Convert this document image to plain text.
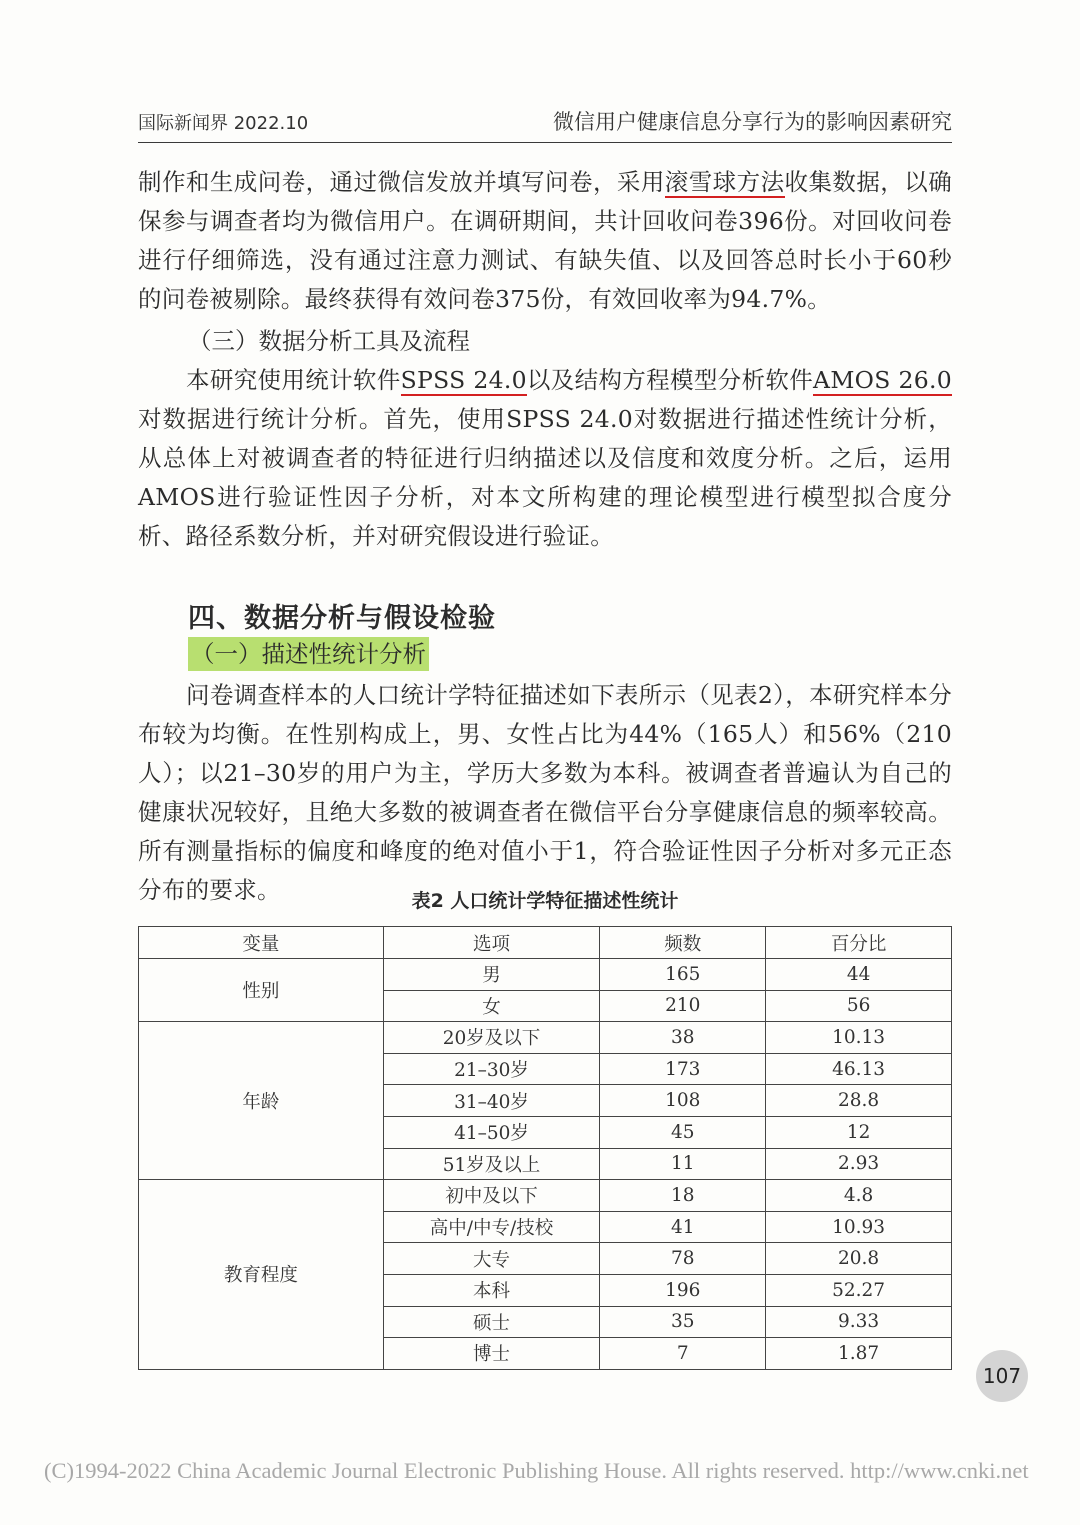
国际新闻界 2022.10	微信用户健康信息分享行为的影响因素研究
制作和生成问卷，通过微信发放并填写问卷，采用滚雪球方法收集数据，以确保参与调查者均为微信用户。在调研期间，共计回收问卷396份。对回收问卷进行仔细筛选，没有通过注意力测试、有缺失值、以及回答总时长小于60秒的问卷被剔除。最终获得有效问卷375份，有效回收率为94.7%。
（三）数据分析工具及流程
本研究使用统计软件SPSS 24.0以及结构方程模型分析软件AMOS 26.0对数据进行统计分析。首先，使用SPSS 24.0对数据进行描述性统计分析，从总体上对被调查者的特征进行归纳描述以及信度和效度分析。之后，运用AMOS进行验证性因子分析，对本文所构建的理论模型进行模型拟合度分析、路径系数分析，并对研究假设进行验证。
四、数据分析与假设检验
（一）描述性统计分析
问卷调查样本的人口统计学特征描述如下表所示（见表2），本研究样本分布较为均衡。在性别构成上，男、女性占比为44%（165人）和56%（210人）；以21–30岁的用户为主，学历大多数为本科。被调查者普遍认为自己的健康状况较好，且绝大多数的被调查者在微信平台分享健康信息的频率较高。所有测量指标的偏度和峰度的绝对值小于1，符合验证性因子分析对多元正态分布的要求。	表2 人口统计学特征描述性统计
变量	选项	频数	百分比
性别	男	165	44
	女	210	56
年龄	20岁及以下	38	10.13
	21–30岁	173	46.13
	31–40岁	108	28.8
	41–50岁	45	12
	51岁及以上	11	2.93
教育程度	初中及以下	18	4.8
	高中/中专/技校	41	10.93
	大专	78	20.8
	本科	196	52.27
	硕士	35	9.33
	博士	7	1.87
107
(C)1994-2022 China Academic Journal Electronic Publishing House. All rights reserved. http://www.cnki.net
